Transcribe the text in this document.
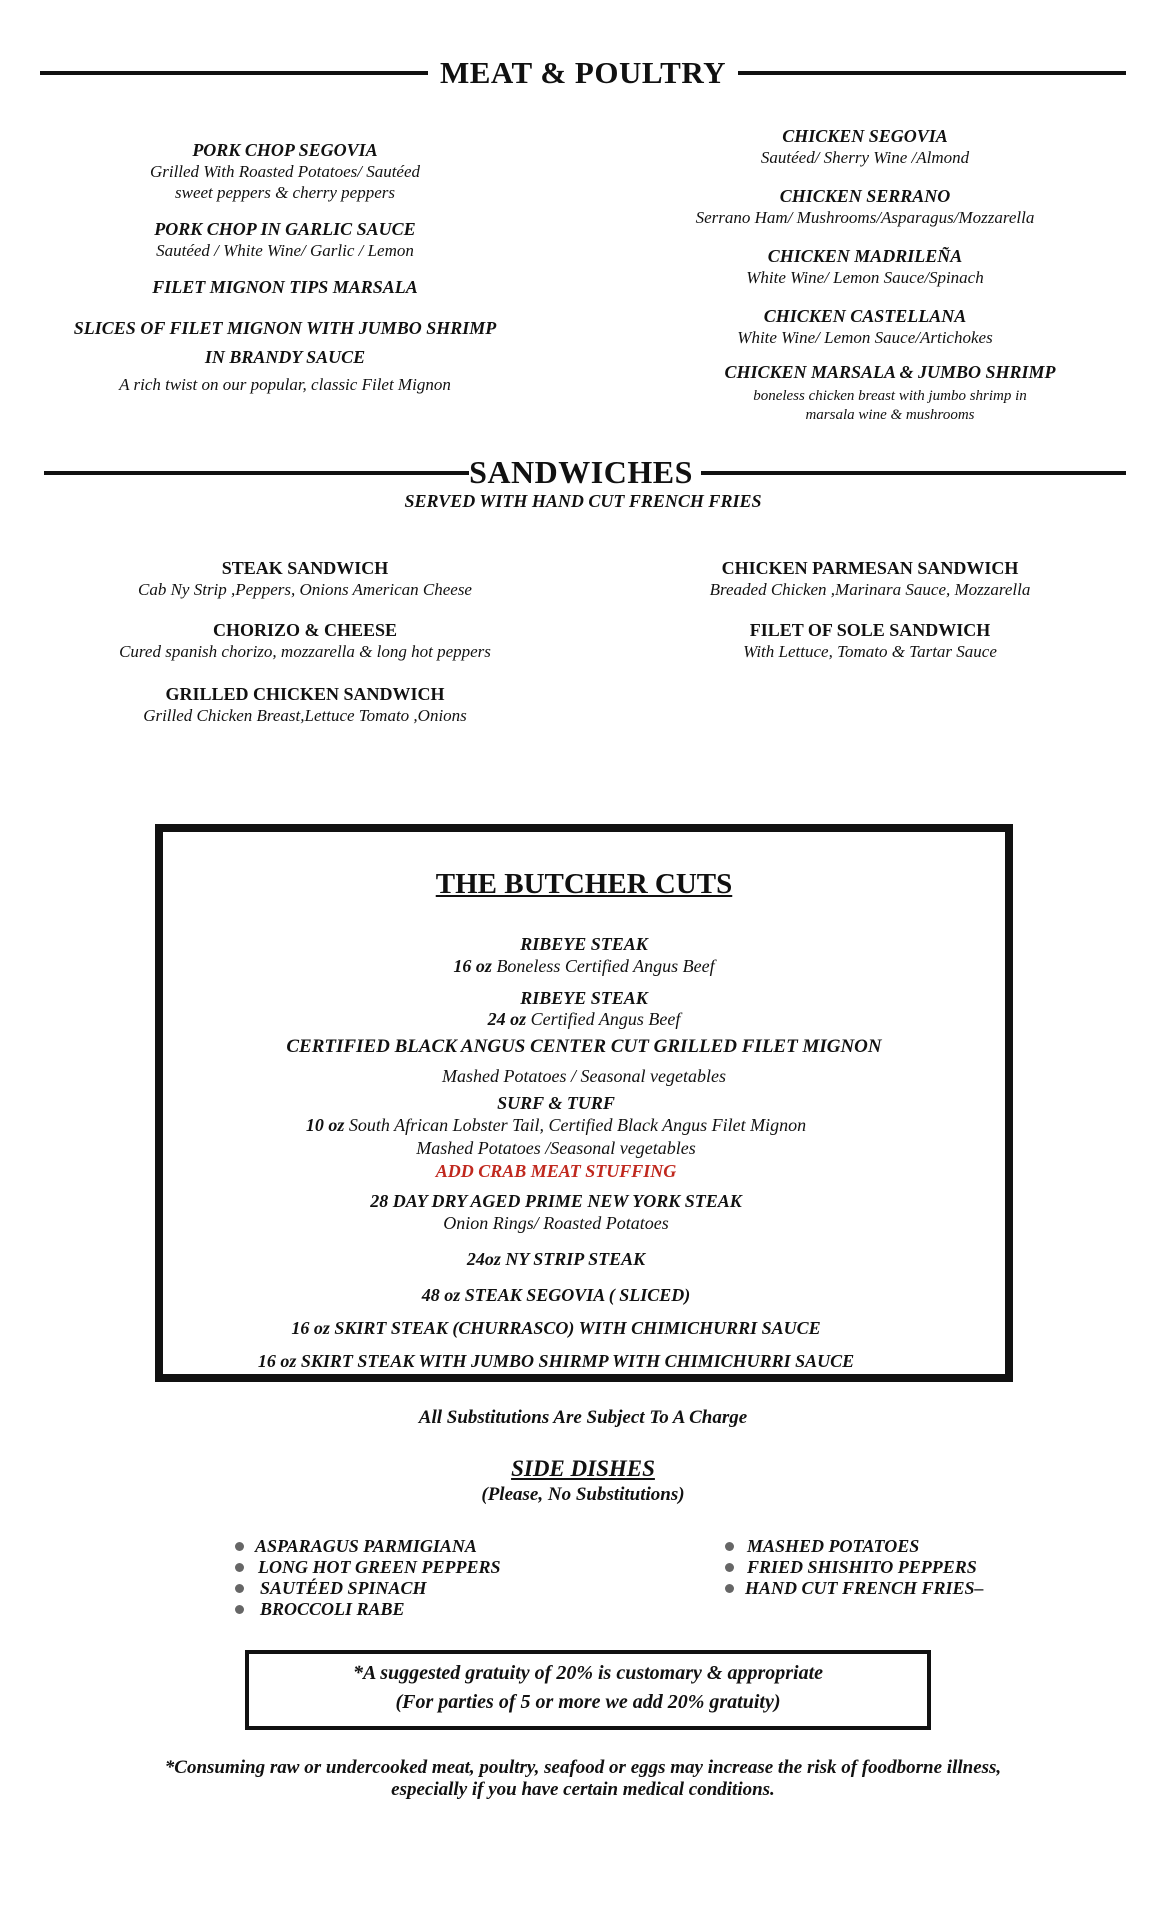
MEAT & POULTRY
PORK CHOP SEGOVIA
Grilled With Roasted Potatoes/ Sautéed
sweet peppers & cherry peppers
PORK CHOP IN GARLIC SAUCE
Sautéed / White Wine/ Garlic / Lemon
FILET MIGNON TIPS MARSALA
SLICES OF FILET MIGNON WITH JUMBO SHRIMP
IN BRANDY SAUCE
A rich twist on our popular, classic Filet Mignon
CHICKEN SEGOVIA
Sautéed/ Sherry Wine /Almond
CHICKEN SERRANO
Serrano Ham/ Mushrooms/Asparagus/Mozzarella
CHICKEN MADRILEÑA
White Wine/ Lemon Sauce/Spinach
CHICKEN CASTELLANA
White Wine/ Lemon Sauce/Artichokes
CHICKEN MARSALA & JUMBO SHRIMP
boneless chicken breast with jumbo shrimp in
marsala wine & mushrooms
SANDWICHES
SERVED WITH HAND CUT FRENCH FRIES
STEAK SANDWICH
Cab Ny Strip ,Peppers, Onions American Cheese
CHORIZO & CHEESE
Cured spanish chorizo, mozzarella & long hot peppers
GRILLED CHICKEN SANDWICH
Grilled Chicken Breast,Lettuce Tomato ,Onions
CHICKEN PARMESAN SANDWICH
Breaded Chicken ,Marinara Sauce, Mozzarella
FILET OF SOLE SANDWICH
With Lettuce, Tomato & Tartar Sauce
THE BUTCHER CUTS
RIBEYE STEAK
16 oz Boneless Certified Angus Beef
RIBEYE STEAK
24 oz Certified Angus Beef
CERTIFIED BLACK ANGUS CENTER CUT GRILLED FILET MIGNON
Mashed Potatoes / Seasonal vegetables
SURF & TURF
10 oz South African Lobster Tail, Certified Black Angus Filet Mignon
Mashed Potatoes /Seasonal vegetables
ADD CRAB MEAT STUFFING
28 DAY DRY AGED PRIME NEW YORK STEAK
Onion Rings/ Roasted Potatoes
24oz NY STRIP STEAK
48 oz STEAK SEGOVIA ( SLICED)
16 oz SKIRT STEAK (CHURRASCO) WITH CHIMICHURRI SAUCE
16 oz SKIRT STEAK WITH JUMBO SHIRMP WITH CHIMICHURRI SAUCE
All Substitutions Are Subject To A Charge
SIDE DISHES
(Please, No Substitutions)
ASPARAGUS PARMIGIANA
LONG HOT GREEN PEPPERS
SAUTÉED SPINACH
BROCCOLI RABE
MASHED POTATOES
FRIED SHISHITO PEPPERS
HAND CUT FRENCH FRIES–
*A suggested gratuity of 20% is customary & appropriate
(For parties of 5 or more we add 20% gratuity)
*Consuming raw or undercooked meat, poultry, seafood or eggs may increase the risk of foodborne illness,
especially if you have certain medical conditions.
